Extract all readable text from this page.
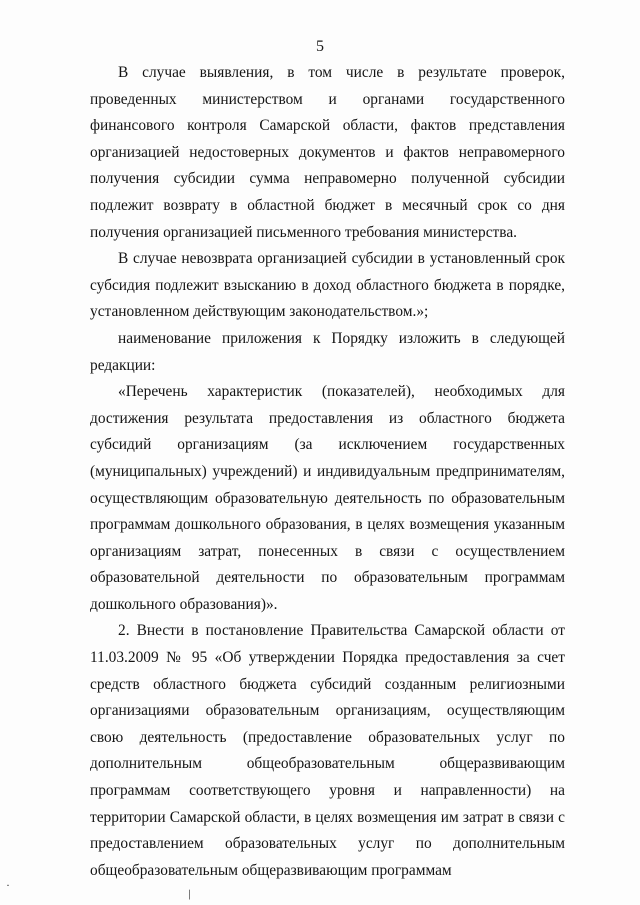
5

В случае выявления, в том числе в результате проверок, проведенных министерством и органами государственного финансового контроля Самарской области, фактов представления организацией недостоверных документов и фактов неправомерного получения субсидии сумма неправомерно полученной субсидии подлежит возврату в областной бюджет в месячный срок со дня получения организацией письменного требования министерства.

В случае невозврата организацией субсидии в установленный срок субсидия подлежит взысканию в доход областного бюджета в порядке, установленном действующим законодательством.»;

наименование приложения к Порядку изложить в следующей редакции:

«Перечень характеристик (показателей), необходимых для достижения результата предоставления из областного бюджета субсидий организациям (за исключением государственных (муниципальных) учреждений) и индивидуальным предпринимателям, осуществляющим образовательную деятельность по образовательным программам дошкольного образования, в целях возмещения указанным организациям затрат, понесенных в связи с осуществлением образовательной деятельности по образовательным программам дошкольного образования)».

2. Внести в постановление Правительства Самарской области от 11.03.2009 № 95 «Об утверждении Порядка предоставления за счет средств областного бюджета субсидий созданным религиозными организациями образовательным организациям, осуществляющим свою деятельность (предоставление образовательных услуг по дополнительным общеобразовательным общеразвивающим программам соответствующего уровня и направленности) на территории Самарской области, в целях возмещения им затрат в связи с предоставлением образовательных услуг по дополнительным общеобразовательным общеразвивающим программам

·
/
